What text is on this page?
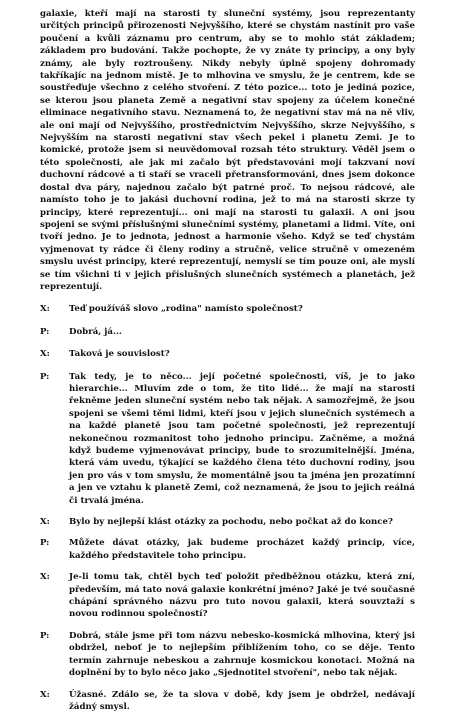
galaxie, kteří mají na starosti ty sluneční systémy, jsou reprezentanty určitých principů přirozenosti Nejvyššího, které se chystám nastínit pro vaše poučení a kvůli záznamu pro centrum, aby se to mohlo stát základem; základem pro budování. Takže pochopte, že vy znáte ty principy, a ony byly známy, ale byly roztroušeny. Nikdy nebyly úplně spojeny dohromady takříkajíc na jednom místě. Je to mlhovina ve smyslu, že je centrem, kde se soustřeďuje všechno z celého stvoření. Z této pozice... toto je jediná pozice, se kterou jsou planeta Země a negativní stav spojeny za účelem konečné eliminace negativního stavu. Neznamená to, že negativní stav má na ně vliv, ale oni mají od Nejvyššího, prostřednictvím Nejvyššího, skrze Nejvyššího, s Nejvyšším na starosti negativní stav všech pekel i planetu Zemi. Je to komické, protože jsem si neuvědomoval rozsah této struktury. Věděl jsem o této společnosti, ale jak mi začalo být představováni mojí takzvaní noví duchovní rádcové a ti staří se vraceli přetransformováni, dnes jsem dokonce dostal dva páry, najednou začalo být patrné proč. To nejsou rádcové, ale namísto toho je to jakási duchovní rodina, jež to má na starosti skrze ty principy, které reprezentují... oni mají na starosti tu galaxii. A oni jsou spojeni se svými příslušnými slunečními systémy, planetami a lidmi. Víte, oni tvoří jedno. Je to jednota, jednost a harmonie všeho. Když se teď chystám vyjmenovat ty rádce či členy rodiny a stručně, velice stručně v omezeném smyslu uvést principy, které reprezentují, nemyslí se tím pouze oni, ale myslí se tím všichni ti v jejich příslušných slunečních systémech a planetách, jež reprezentují.

X:	Teď používáš slovo „rodina" namísto společnost?
P:	Dobrá, já...
X:	Taková je souvislost?
P:	Tak tedy, je to něco... její početné společnosti, víš, je to jako hierarchie... Mluvím zde o tom, že tito lidé... že mají na starosti řekněme jeden sluneční systém nebo tak nějak. A samozřejmě, že jsou spojeni se všemi těmi lidmi, kteří jsou v jejich slunečních systémech a na každé planetě jsou tam početné společnosti, jež reprezentují nekonečnou rozmanitost toho jednoho principu. Začněme, a možná když budeme vyjmenovávat principy, bude to srozumitelnější. Jména, která vám uvedu, týkající se každého člena této duchovní rodiny, jsou jen pro vás v tom smyslu, že momentálně jsou ta jména jen prozatímní a jen ve vztahu k planetě Zemi, což neznamená, že jsou to jejich reálná či trvalá jména.
X:	Bylo by nejlepší klást otázky za pochodu, nebo počkat až do konce?
P:	Můžete dávat otázky, jak budeme procházet každý princip, více, každého představitele toho principu.
X:	Je-li tomu tak, chtěl bych teď položit předběžnou otázku, která zní, především, má tato nová galaxie konkrétní jméno? Jaké je tvé současné chápání správného názvu pro tuto novou galaxii, která souvztaží s novou rodinnou společností?
P:	Dobrá, stále jsme při tom názvu nebesko-kosmická mlhovina, který jsi obdržel, neboť je to nejlepším přiblížením toho, co se děje. Tento termín zahrnuje nebeskou a zahrnuje kosmickou konotaci. Možná na doplnění by to bylo něco jako „Sjednotitel stvoření", nebo tak nějak.
X:	Úžasné. Zdálo se, že ta slova v době, kdy jsem je obdržel, nedávají žádný smysl.
